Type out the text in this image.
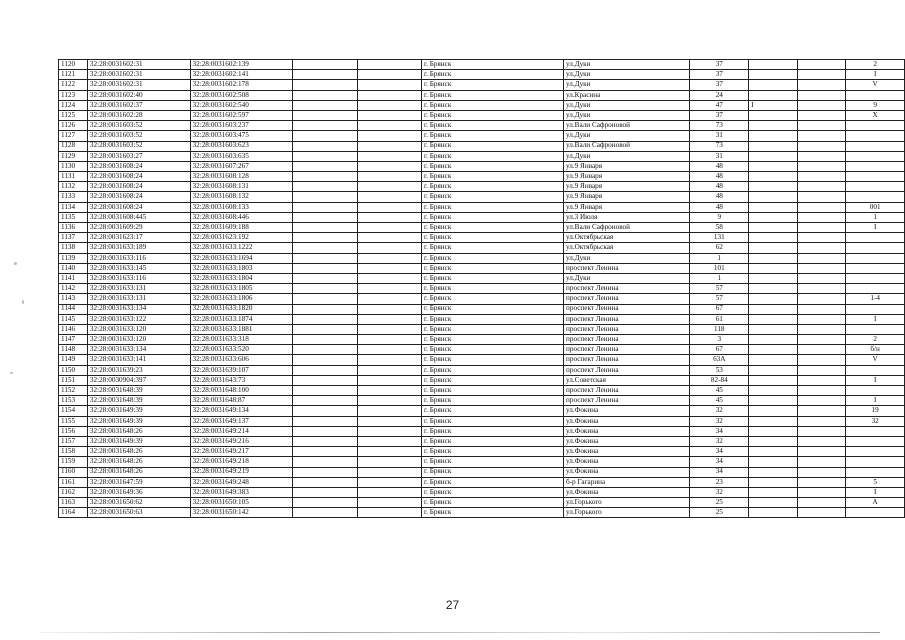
1120	32:28:0031602:31	32:28:0031602:139			г. Брянск	ул.Дуки	37			2
1121	32:28:0031602:31	32:28:0031602:141			г. Брянск	ул.Дуки	37			I
1122	32:28:0031602:31	32:28:0031602:178			г. Брянск	ул.Дуки	37			V
1123	32:28:0031602:40	32:28:0031602:508			г. Брянск	ул.Красина	24			
1124	32:28:0031602:37	32:28:0031602:540			г. Брянск	ул.Дуки	47	I		9
1125	32:28:0031602:28	32:28:0031602:597			г. Брянск	ул.Дуки	37			X
1126	32:28:0031603:52	32:28:0031603:237			г. Брянск	ул.Вали Сафроновой	73			
1127	32:28:0031603:52	32:28:0031603:475			г. Брянск	ул.Дуки	31			
1128	32:28:0031603:52	32:28:0031603:623			г. Брянск	ул.Вали Сафроновой	73			
1129	32:28:0031603:27	32:28:0031603:635			г. Брянск	ул.Дуки	31			
1130	32:28:0031608:24	32:28:0031607:267			г. Брянск	ул.9 Января	48			
1131	32:28:0031608:24	32:28:0031608:128			г. Брянск	ул.9 Января	48			
1132	32:28:0031608:24	32:28:0031608:131			г. Брянск	ул.9 Января	48			
1133	32:28:0031608:24	32:28:0031608:132			г. Брянск	ул.9 Января	48			
1134	32:28:0031608:24	32:28:0031608:133			г. Брянск	ул.9 Января	48			001
1135	32:28:0031608:445	32:28:0031608:446			г. Брянск	ул.3 Июля	9			1
1136	32:28:0031609:29	32:28:0031609:188			г. Брянск	ул.Вали Сафроновой	58			I
1137	32:28:0031623:17	32:28:0031623:192			г. Брянск	ул.Октябрьская	131			
1138	32:28:0031633:189	32:28:0031633:1222			г. Брянск	ул.Октябрьская	62			
1139	32:28:0031633:116	32:28:0031633:1694			г. Брянск	ул.Дуки	1			
1140	32:28:0031633:145	32:28:0031633:1803			г. Брянск	проспект Ленина	101			
1141	32:28:0031633:116	32:28:0031633:1804			г. Брянск	ул.Дуки	1			
1142	32:28:0031633:131	32:28:0031633:1805			г. Брянск	проспект Ленина	57			
1143	32:28:0031633:131	32:28:0031633:1806			г. Брянск	проспект Ленина	57			1-4
1144	32:28:0031633:134	32:28:0031633:1820			г. Брянск	проспект Ленина	67			
1145	32:28:0031633:122	32:28:0031633:1874			г. Брянск	проспект Ленина	61			I
1146	32:28:0031633:120	32:28:0031633:1881			г. Брянск	проспект Ленина	118			
1147	32:28:0031633:120	32:28:0031633:318			г. Брянск	проспект Ленина	3			2
1148	32:28:0031633:134	32:28:0031633:520			г. Брянск	проспект Ленина	67			б/н
1149	32:28:0031633:141	32:28:0031633:606			г. Брянск	проспект Ленина	63А			V
1150	32:28:0031639:23	32:28:0031639:107			г. Брянск	проспект Ленина	53			
1151	32:28:0030904:397	32:28:0031643:73			г. Брянск	ул.Советская	82-84			I
1152	32:28:0031648:39	32:28:0031648:100			г. Брянск	проспект Ленина	45			
1153	32:28:0031648:39	32:28:0031648:87			г. Брянск	проспект Ленина	45			I
1154	32:28:0031649:39	32:28:0031649:134			г. Брянск	ул.Фокина	32			19
1155	32:28:0031649:39	32:28:0031649:137			г. Брянск	ул.Фокина	32			32
1156	32:28:0031648:26	32:28:0031649:214			г. Брянск	ул.Фокина	34			
1157	32:28:0031649:39	32:28:0031649:216			г. Брянск	ул.Фокина	32			
1158	32:28:0031648:26	32:28:0031649:217			г. Брянск	ул.Фокина	34			
1159	32:28:0031648:26	32:28:0031649:218			г. Брянск	ул.Фокина	34			
1160	32:28:0031648:26	32:28:0031649:219			г. Брянск	ул.Фокина	34			
1161	32:28:0031647:59	32:28:0031649:248			г. Брянск	б-р Гагарина	23			5
1162	32:28:0031649:36	32:28:0031649:383			г. Брянск	ул.Фокина	32			I
1163	32:28:0031650:62	32:28:0031650:105			г. Брянск	ул.Горького	25			А
1164	32:28:0031650:63	32:28:0031650:142			г. Брянск	ул.Горького	25			
27
